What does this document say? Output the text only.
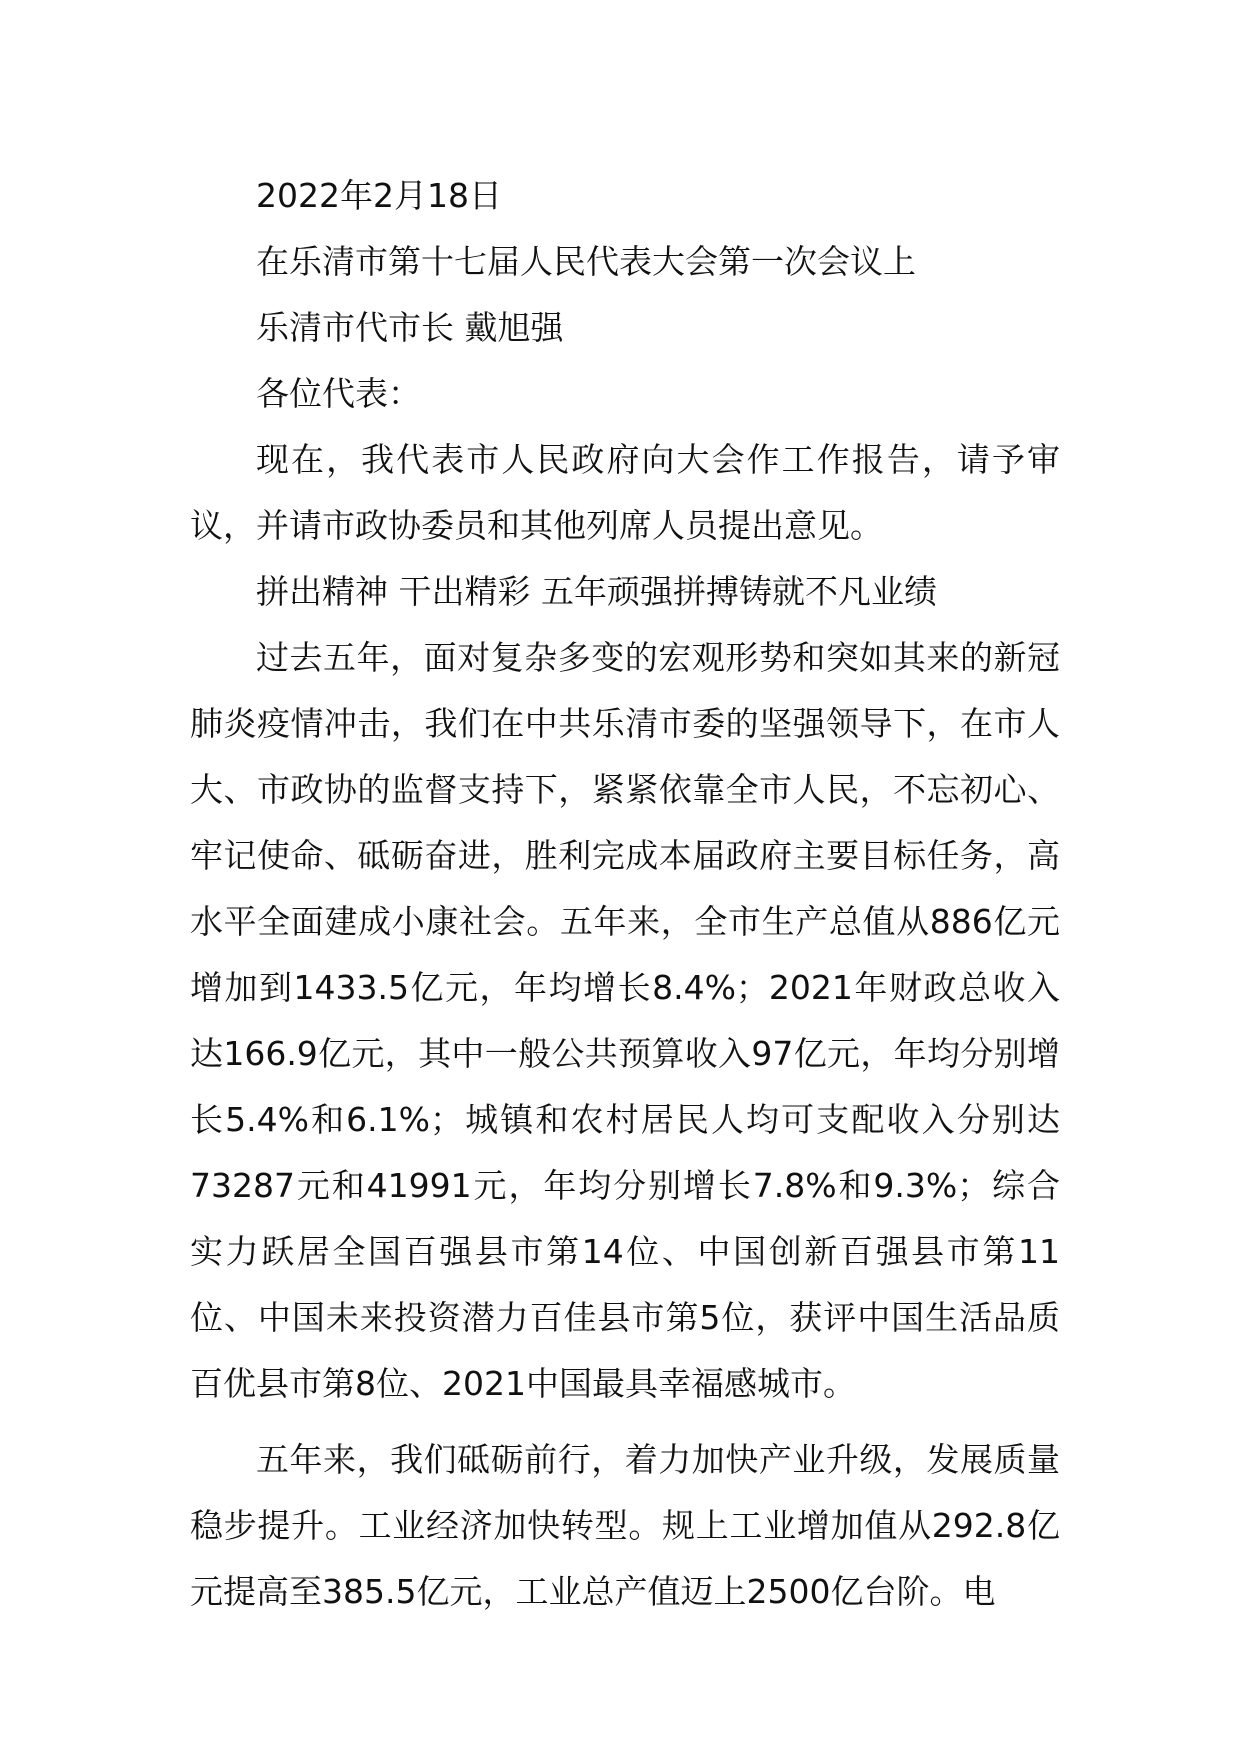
2022年2月18日
在乐清市第十七届人民代表大会第一次会议上
乐清市代市长 戴旭强
各位代表：

现在，我代表市人民政府向大会作工作报告，请予审议，并请市政协委员和其他列席人员提出意见。

拼出精神 干出精彩 五年顽强拼搏铸就不凡业绩

过去五年，面对复杂多变的宏观形势和突如其来的新冠肺炎疫情冲击，我们在中共乐清市委的坚强领导下，在市人大、市政协的监督支持下，紧紧依靠全市人民，不忘初心、牢记使命、砥砺奋进，胜利完成本届政府主要目标任务，高水平全面建成小康社会。五年来，全市生产总值从886亿元增加到1433.5亿元，年均增长8.4%；2021年财政总收入达166.9亿元，其中一般公共预算收入97亿元，年均分别增长5.4%和6.1%；城镇和农村居民人均可支配收入分别达73287元和41991元，年均分别增长7.8%和9.3%；综合实力跃居全国百强县市第14位、中国创新百强县市第11位、中国未来投资潜力百佳县市第5位，获评中国生活品质百优县市第8位、2021中国最具幸福感城市。

五年来，我们砥砺前行，着力加快产业升级，发展质量稳步提升。工业经济加快转型。规上工业增加值从292.8亿元提高至385.5亿元，工业总产值迈上2500亿台阶。电
